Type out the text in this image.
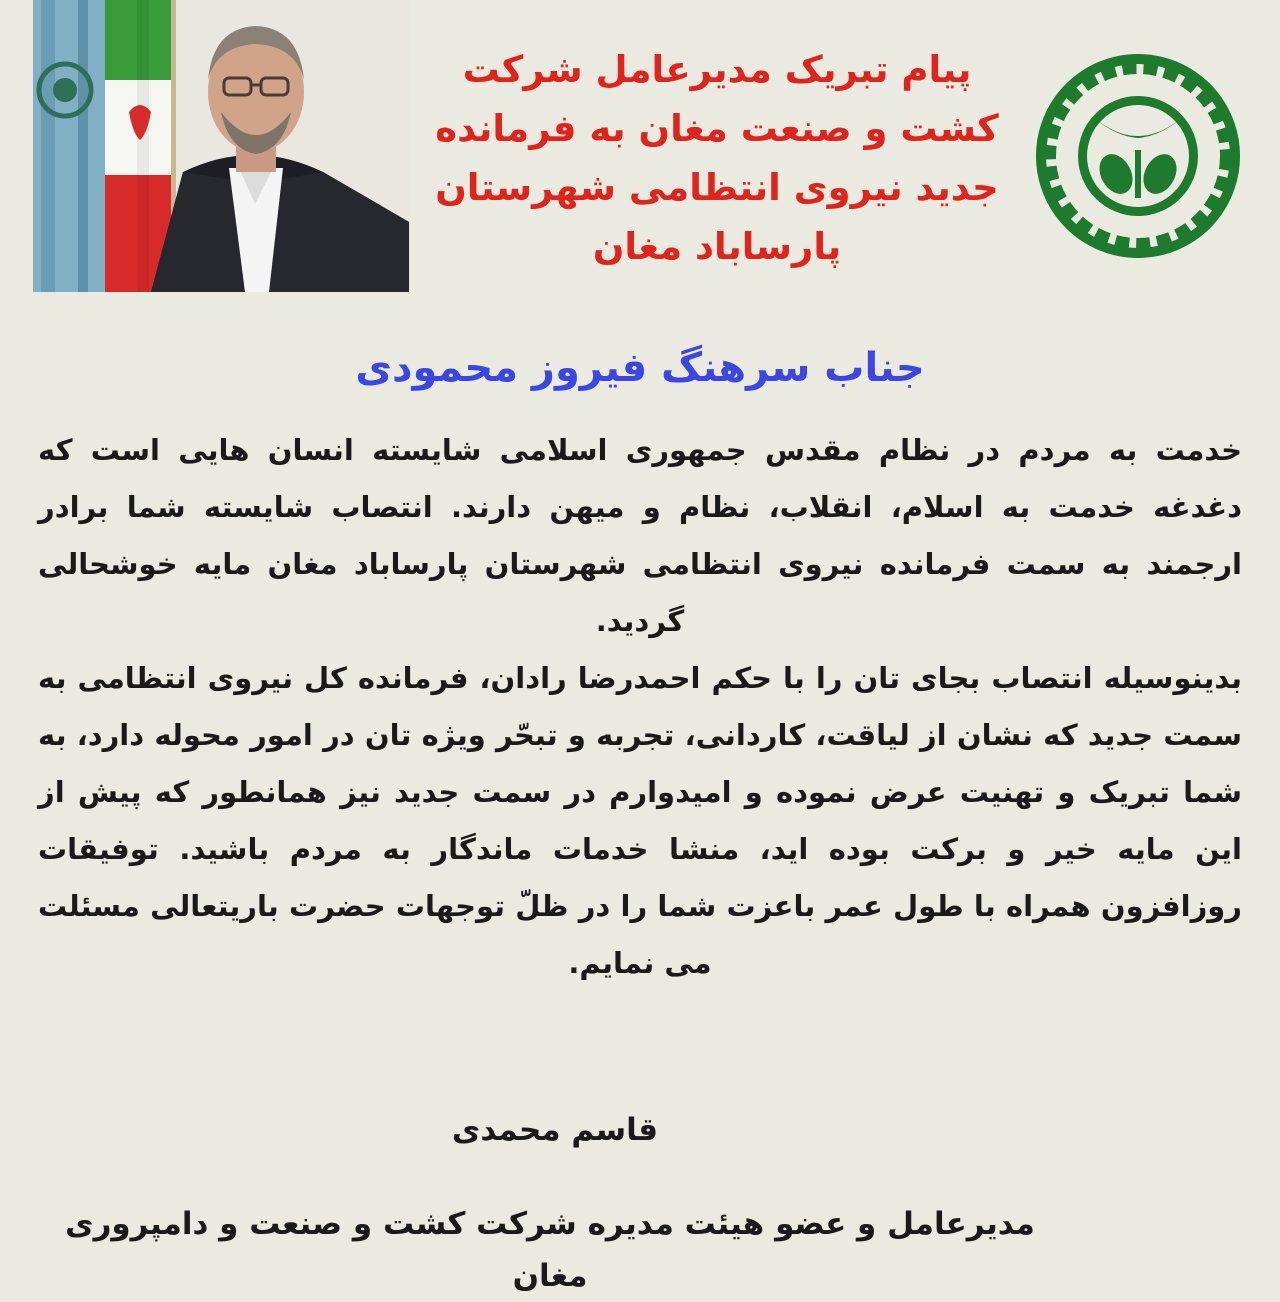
پیام تبریک مدیرعامل شرکت کشت و صنعت مغان به فرمانده جدید نیروی انتظامی شهرستان پارساباد مغان
جناب سرهنگ فیروز محمودی

خدمت به مردم در نظام مقدس جمهوری اسلامی شایسته انسان هایی است که دغدغه خدمت به اسلام، انقلاب، نظام و میهن دارند. انتصاب شایسته شما برادر ارجمند به سمت فرمانده نیروی انتظامی شهرستان پارساباد مغان مایه خوشحالی گردید.

بدینوسیله انتصاب بجای تان را با حکم احمدرضا رادان، فرمانده کل نیروی انتظامی به سمت جدید که نشان از لیاقت، کاردانی، تجربه و تبحّر ویژه تان در امور محوله دارد، به شما تبریک و تهنیت عرض نموده و امیدوارم در سمت جدید نیز همانطور که پیش از این مایه خیر و برکت بوده اید، منشا خدمات ماندگار به مردم باشید. توفیقات روزافزون همراه با طول عمر باعزت شما را در ظلّ توجهات حضرت باریتعالی مسئلت می نمایم.

قاسم محمدی
مدیرعامل و عضو هیئت مدیره شرکت کشت و صنعت و دامپروری مغان
